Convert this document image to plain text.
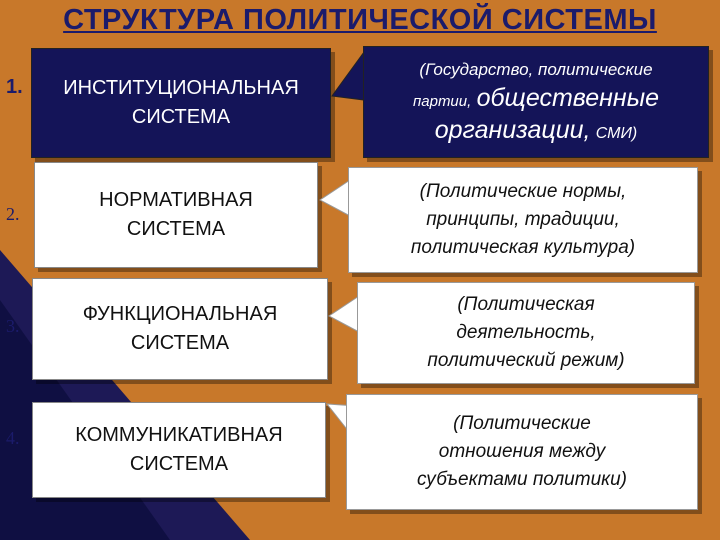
СТРУКТУРА ПОЛИТИЧЕСКОЙ СИСТЕМЫ
1. ИНСТИТУЦИОНАЛЬНАЯ
СИСТЕМА
(Государство, политические
партии, общественные
организации, СМИ)
2.
НОРМАТИВНАЯ
СИСТЕМА
(Политические нормы,
принципы, традиции,
политическая культура)
3.
ФУНКЦИОНАЛЬНАЯ
СИСТЕМА
(Политическая
деятельность,
политический режим)
4.	КОММУНИКАТИВНАЯ
СИСТЕМА
(Политические
отношения между
субъектами политики)
